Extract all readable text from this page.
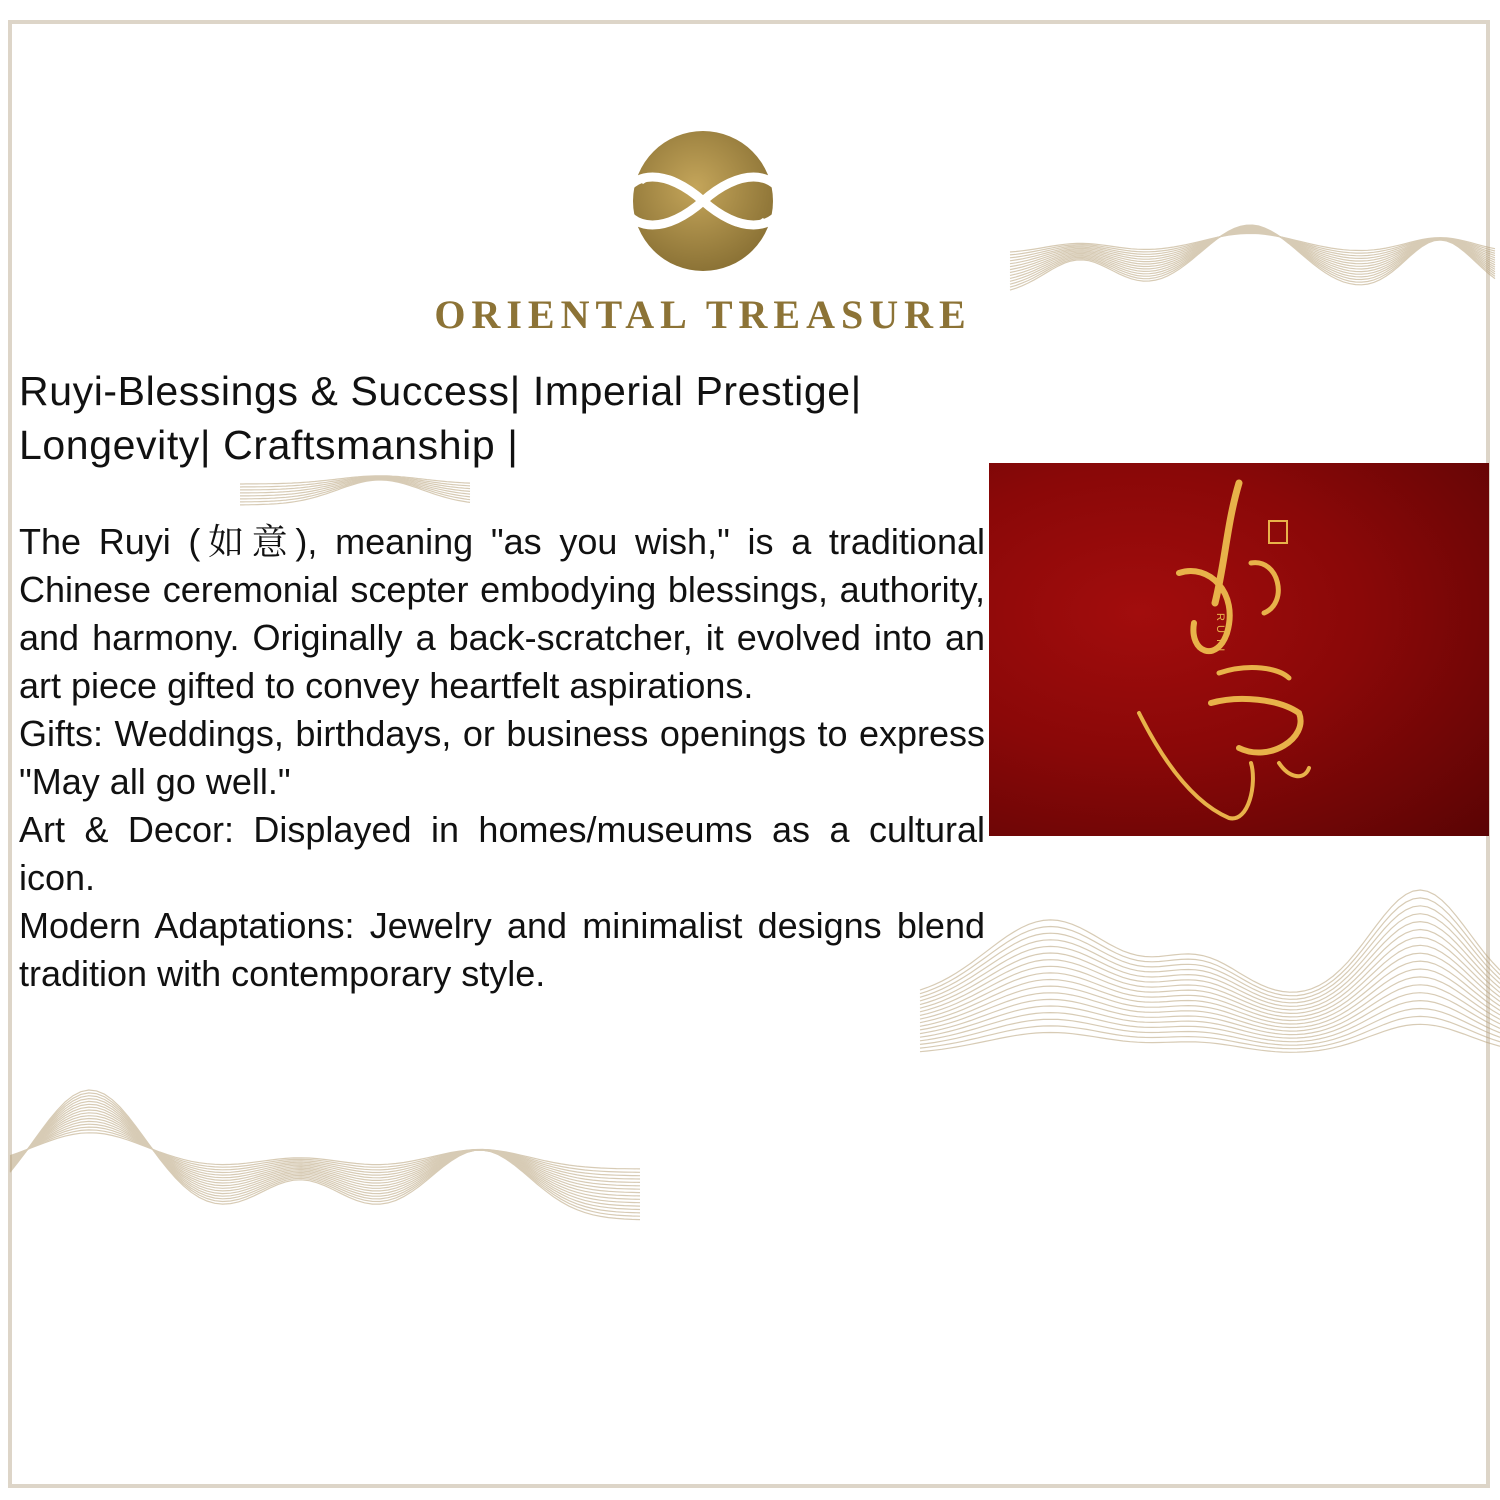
ORIENTAL TREASURE
Ruyi-Blessings & Success| Imperial Prestige|
Longevity| Craftsmanship |

The Ruyi (如意), meaning "as you wish," is a traditional Chinese ceremonial scepter embodying blessings, authority, and harmony. Originally a back-scratcher, it evolved into an art piece gifted to convey heartfelt aspirations.

Gifts: Weddings, birthdays, or business openings to express "May all go well."

Art & Decor: Displayed in homes/museums as a cultural icon.

Modern Adaptations: Jewelry and minimalist designs blend tradition with contemporary style.

RUYI
